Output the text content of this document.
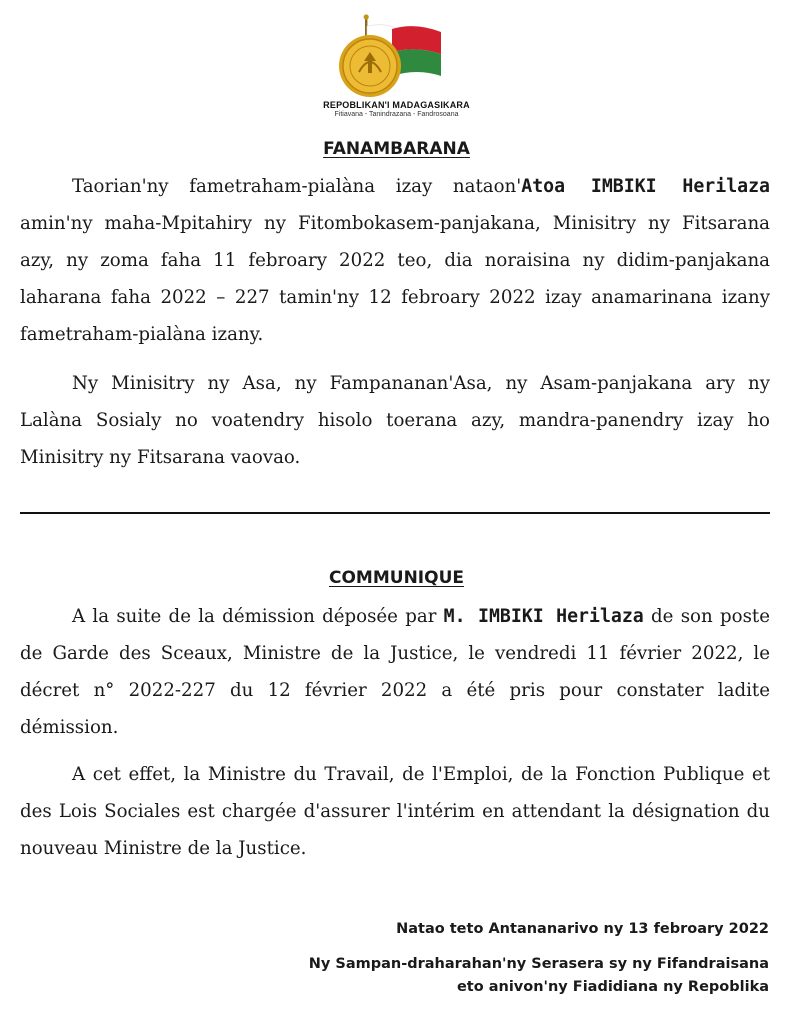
REPOBLIKAN'I MADAGASIKARA
Fitiavana - Tanindrazana - Fandrosoana
FANAMBARANA

Taorian'ny fametraham-pialàna izay nataon'Atoa IMBIKI Herilaza amin'ny maha-Mpitahiry ny Fitombokasem-panjakana, Minisitry ny Fitsarana azy, ny zoma faha 11 febroary 2022 teo, dia noraisina ny didim-panjakana laharana faha 2022 – 227 tamin'ny 12 febroary 2022 izay anamarinana izany fametraham-pialàna izany.

Ny Minisitry ny Asa, ny Fampananan'Asa, ny Asam-panjakana ary ny Lalàna Sosialy no voatendry hisolo toerana azy, mandra-panendry izay ho Minisitry ny Fitsarana vaovao.

COMMUNIQUE

A la suite de la démission déposée par M. IMBIKI Herilaza de son poste de Garde des Sceaux, Ministre de la Justice, le vendredi 11 février 2022, le décret n° 2022-227 du 12 février 2022 a été pris pour constater ladite démission.

A cet effet, la Ministre du Travail, de l'Emploi, de la Fonction Publique et des Lois Sociales est chargée d'assurer l'intérim en attendant la désignation du nouveau Ministre de la Justice.

Natao teto Antananarivo ny 13 febroary 2022
Ny Sampan-draharahan'ny Serasera sy ny Fifandraisana
eto anivon'ny Fiadidiana ny Repoblika
